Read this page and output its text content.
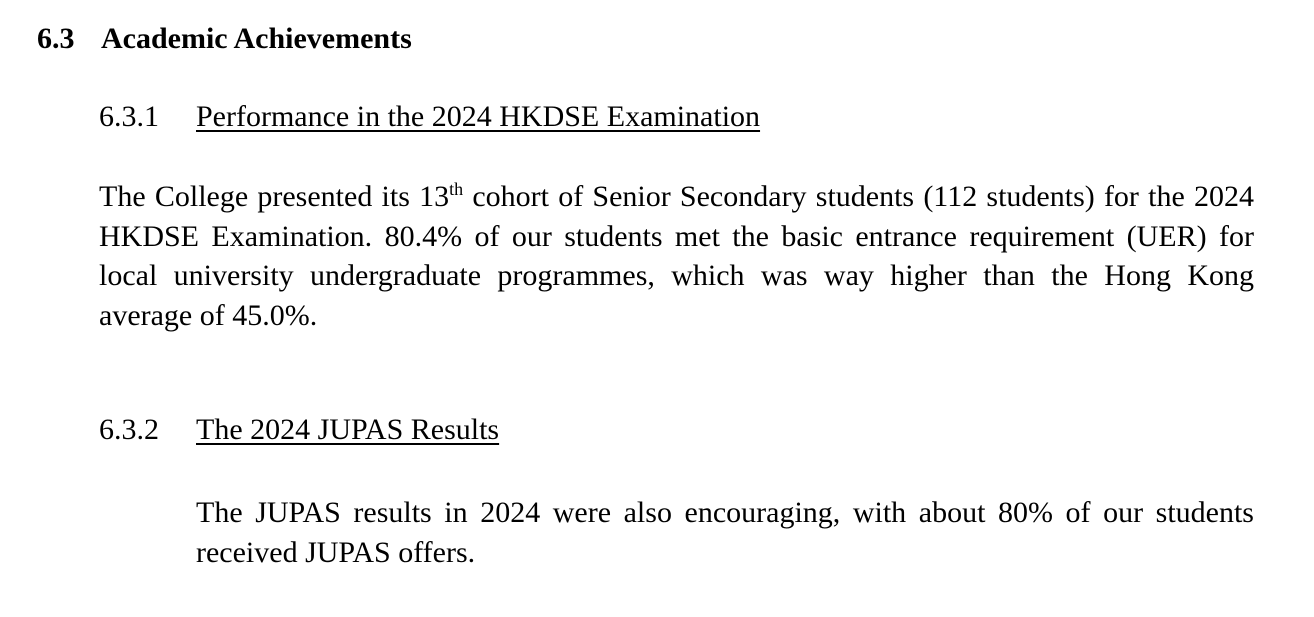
6.3 Academic Achievements
6.3.1 Performance in the 2024 HKDSE Examination
The College presented its 13th cohort of Senior Secondary students (112 students) for the 2024 HKDSE Examination. 80.4% of our students met the basic entrance requirement (UER) for local university undergraduate programmes, which was way higher than the Hong Kong average of 45.0%.
6.3.2 The 2024 JUPAS Results
The JUPAS results in 2024 were also encouraging, with about 80% of our students received JUPAS offers.
